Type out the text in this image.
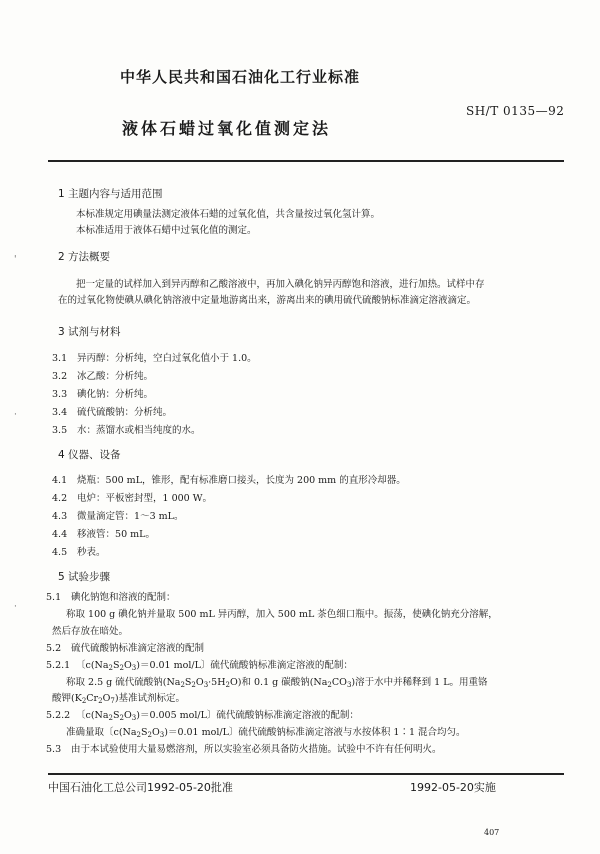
中华人民共和国石油化工行业标准
液体石蜡过氧化值测定法
SH/T 0135—92
'
·
·
1 主题内容与适用范围
本标准规定用碘量法测定液体石蜡的过氧化值，共含量按过氧化氢计算。
本标准适用于液体石蜡中过氧化值的测定。
2 方法概要
把一定量的试样加入到异丙醇和乙酸溶液中，再加入碘化钠异丙醇饱和溶液，进行加热。试样中存
在的过氧化物使碘从碘化钠溶液中定量地游离出来，游离出来的碘用硫代硫酸钠标准滴定溶液滴定。
3 试剂与材料
3.1 异丙醇：分析纯，空白过氧化值小于 1.0。
3.2 冰乙酸：分析纯。
3.3 碘化钠：分析纯。
3.4 硫代硫酸钠：分析纯。
3.5 水：蒸馏水或相当纯度的水。
4 仪器、设备
4.1 烧瓶：500 mL，锥形，配有标准磨口接头，长度为 200 mm 的直形冷却器。
4.2 电炉：平板密封型，1 000 W。
4.3 微量滴定管：1～3 mL。
4.4 移液管：50 mL。
4.5 秒表。
5 试验步骤
5.1 碘化钠饱和溶液的配制：
称取 100 g 碘化钠并量取 500 mL 异丙醇，加入 500 mL 茶色细口瓶中。振荡，使碘化钠充分溶解，
然后存放在暗处。
5.2 硫代硫酸钠标准滴定溶液的配制
5.2.1 〔$c(Na_2S_2O_3)=0.01$ mol/L〕硫代硫酸钠标准滴定溶液的配制：
称取 2.5 g 硫代硫酸钠$(Na_2S_2O_3\cdot 5H_2O)$和 0.1 g 碳酸钠$(Na_2CO_3)$溶于水中并稀释到 1 L。用重铬
酸钾$(K_2Cr_2O_7)$基准试剂标定。
5.2.2 〔$c(Na_2S_2O_3)=0.005$ mol/L〕硫代硫酸钠标准滴定溶液的配制：
准确量取〔$c(Na_2S_2O_3)=0.01$ mol/L〕硫代硫酸钠标准滴定溶液与水按体积 1∶1 混合均匀。
5.3 由于本试验使用大量易燃溶剂，所以实验室必须具备防火措施。试验中不许有任何明火。
中国石油化工总公司1992-05-20批准	1992-05-20实施
407
